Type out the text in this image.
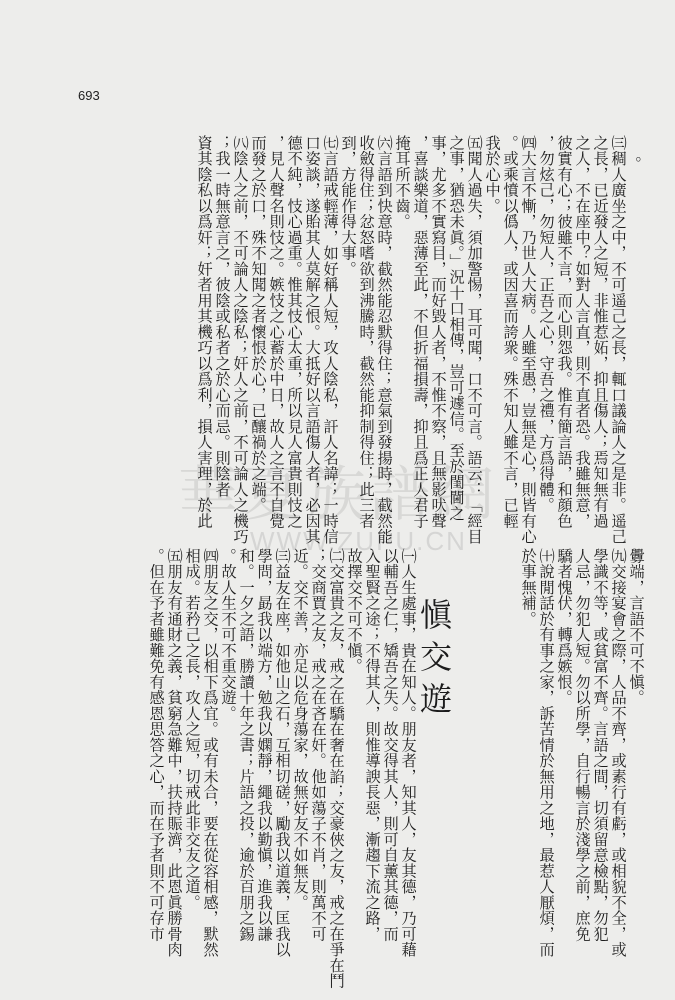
693
華夏族譜網
WWW.ZUPU.CN
。
㈢稠人廣坐之中，不可遥己之長，輒口議論人之是非。遥己
之長，已近發人之短，非惟惹妬，抑且傷人；焉知無有過
之人，不在座中？如對人言直，則不直者恐。我雖無意，
彼實有心；彼雖不言，而心則怨我。惟有簡言語，和顔色
，勿炫己，勿短人，正吾之心，守吾之禮，方爲得體。
㈣大言不慚，乃世人大病。人雖至愚，豈無是心，則皆有心
。或乘憤以僞人，或因喜而誇衆。殊不知人雖不言，已輕
我於心中。
㈤聞人過失，須加警惕，耳可聞，口不可言。語云：「經目
之事，猶恐未眞。」況十口相傳，豈可遽信。至於閨閫之
事，尤多不實寫目，而好毀人者，不惟不察，且無影吠聲
，喜談樂道，惡薄至此，不但折福損壽，抑且爲正人君子
掩耳所不齒。
㈥言語到快意時，截然能忍默得住；意氣到發揚時，截然能
收斂得住；忿怒嗜欲到沸騰時，截然能抑制得住；此三者
到，方能作得大事。
㈦言語戒輕薄，如好稱人短，攻人陰私，訐人名諱；一時信
口姿談，遂貽其人莫解之恨。大抵好以言語傷人者，必因其
德不純，忮心過重。惟其忮心太重，所以見人富貴則忮之
，見人聲名則忮之。嫉忮之心蓄於中日，故人之言不自覺
而發之於口，殊不知聞之者懷恨於心，已釀禍於之端。
㈧陰人之前，不可論人之陰私；奸人之前，不可論人之機巧
；我一時無意言之，彼陰或私者之於心而忌。則陰者
資其陰私以爲奸；奸者用其機巧以爲利，損人害理，於此
釁端，言語不可不愼。
㈨交接宴會之際，人品不齊，或素行有虧，或相貌不全，或
學識不等，或貧富不齊。言語之間，切須留意檢點，勿犯
人忌，勿犯人短。勿以所學，自行暢言於淺學之前，庶免
驕者愧伏，轉爲嫉恨。
㈩說閒話於有事之家，訴苦情於無用之地，最惹人厭煩，而
於事無補。
愼交遊
㈠人生處事，貴在知人。朋友者，知其人，友其德，乃可藉
以輔吾之仁，矯吾之失。故交得其人，則可自薰其德，而
入聖賢之途；不得其人，則惟導諛長惡，漸趨下流之路，
故擇交不可不愼。
㈡交富貴之友，戒之在驕在奢在諂；交豪俠之友，戒之在爭在鬥
；交商賈之友，戒之在吝在奸。他如蕩子不肖，則萬不可
近。交不善，亦足以危身蕩家，故無好友不如無友。
㈢益友在座，如他山之石，互相切磋，勵我以道義，匡我以
學問，勗我以端方，勉我以嫻靜，繩我以勤愼，進我以謙
和。一夕之語，勝讀十年之書；片語之投，逾於百朋之錫
。故人生不可不重交遊。
㈣朋友之交，以相下爲宜。或有未合，要在從容相感，默然
相成。若矜己之長，攻人之短，切戒此非交友之道。
㈤朋友有通財之義，貧窮急難中，扶持賑濟，此恩眞勝骨肉
。但在予者雖難免有感恩思答之心，而在予者則不可存市
